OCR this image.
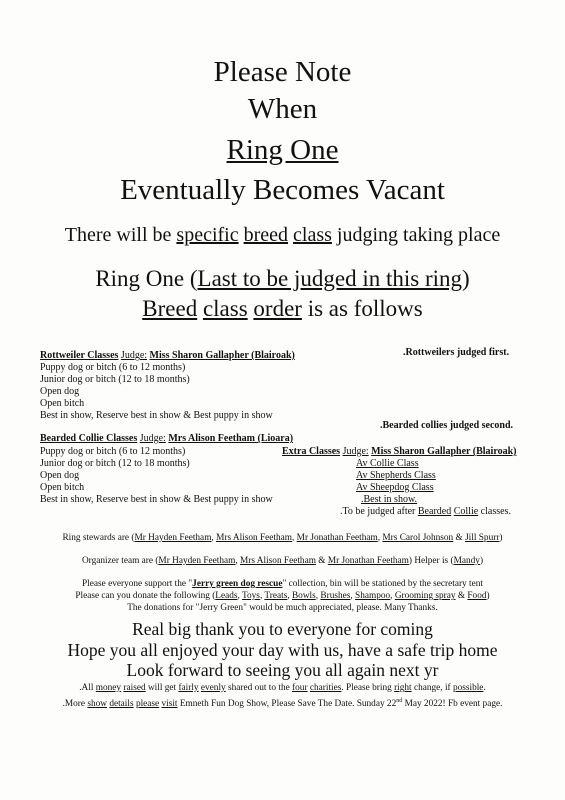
Please Note
When
Ring One
Eventually Becomes Vacant
There will be specific breed class judging taking place
Ring One (Last to be judged in this ring)
Breed class order is as follows
Rottweiler Classes Judge: Miss Sharon Gallapher (Blairoak)	.Rottweilers judged first.
Puppy dog or bitch (6 to 12 months)
Junior dog or bitch (12 to 18 months)
Open dog
Open bitch
Best in show, Reserve best in show & Best puppy in show
.Bearded collies judged second.
Bearded Collie Classes Judge: Mrs Alison Feetham (Lioara)
Puppy dog or bitch (6 to 12 months)
Junior dog or bitch (12 to 18 months)
Open dog
Open bitch
Best in show, Reserve best in show & Best puppy in show
Extra Classes Judge: Miss Sharon Gallapher (Blairoak)
Av Collie Class
Av Shepherds Class
Av Sheepdog Class
.Best in show.
.To be judged after Bearded Collie classes.
Ring stewards are (Mr Hayden Feetham, Mrs Alison Feetham, Mr Jonathan Feetham, Mrs Carol Johnson & Jill Spurr)
Organizer team are (Mr Hayden Feetham, Mrs Alison Feetham & Mr Jonathan Feetham) Helper is (Mandy)
Please everyone support the "Jerry green dog rescue" collection, bin will be stationed by the secretary tent
Please can you donate the following (Leads, Toys, Treats, Bowls, Brushes, Shampoo, Grooming spray & Food)
The donations for "Jerry Green" would be much appreciated, please. Many Thanks.
Real big thank you to everyone for coming
Hope you all enjoyed your day with us, have a safe trip home
Look forward to seeing you all again next yr
.All money raised will get fairly evenly shared out to the four charities. Please bring right change, if possible.
.More show details please visit Emneth Fun Dog Show, Please Save The Date. Sunday 22nd May 2022! Fb event page.
